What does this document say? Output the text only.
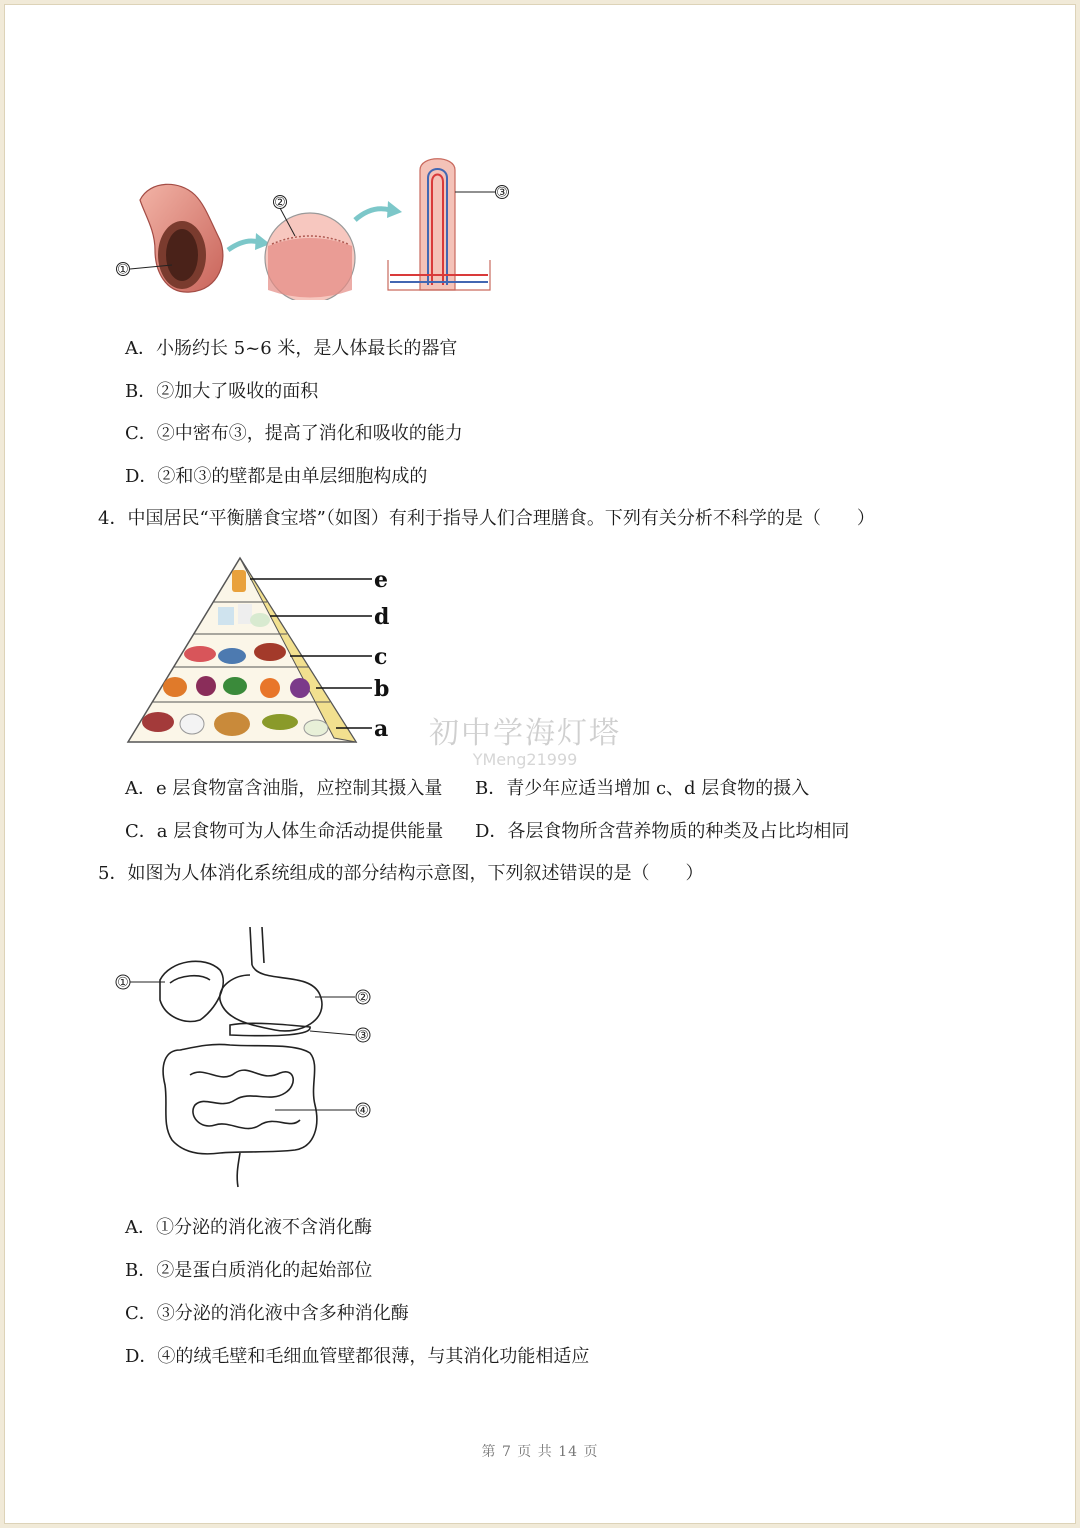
①
②
③
A．小肠约长 5~6 米，是人体最长的器官
B．②加大了吸收的面积
C．②中密布③，提高了消化和吸收的能力
D．②和③的壁都是由单层细胞构成的
4．中国居民“平衡膳食宝塔”（如图）有利于指导人们合理膳食。下列有关分析不科学的是（　　）
e
d
c
b
a	初中学海灯塔
YMeng21999
A．e 层食物富含油脂，应控制其摄入量 B．青少年应适当增加 c、d 层食物的摄入
C．a 层食物可为人体生命活动提供能量 D．各层食物所含营养物质的种类及占比均相同
5．如图为人体消化系统组成的部分结构示意图，下列叙述错误的是（　　）
①
②
③
④
A．①分泌的消化液不含消化酶
B．②是蛋白质消化的起始部位
C．③分泌的消化液中含多种消化酶
D．④的绒毛壁和毛细血管壁都很薄，与其消化功能相适应
第 7 页 共 14 页
